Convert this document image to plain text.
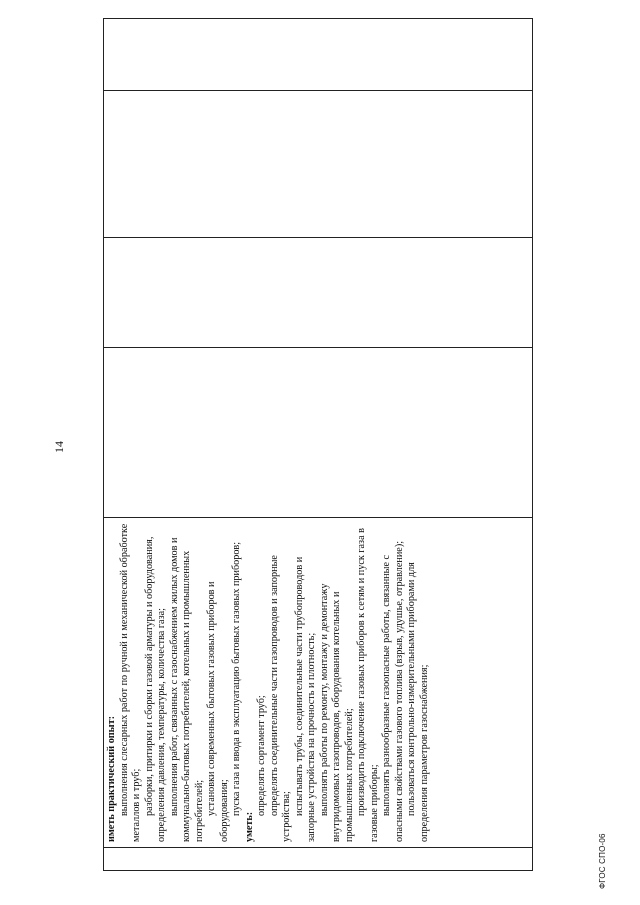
14

иметь практический опыт: выполнения слесарных работ по ручной и механической обработке металлов и труб; разборки, притирки и сборки газовой арматуры и оборудования, определения давления, температуры, количества газа; выполнения работ, связанных с газоснабжением жилых домов и коммунально-бытовых потребителей, котельных и промышленных потребителей; установки современных бытовых газовых приборов и оборудования; пуска газа и ввода в эксплуатацию бытовых газовых приборов;

уметь:

определять сортамент труб; определять соединительные части газопроводов и запорные устройства;

испытывать трубы, соединительные части трубопроводов и запорные устройства на прочность и плотность; выполнять работы по ремонту, монтажу и демонтажу внутридомовых газопроводов, оборудования котельных и промышленных потребителей; производить подключение газовых приборов к сетям и пуск газа в газовые приборы; выполнять разнообразные газоопасные работы, связанные с опасными свойствами газового топлива (взрыв, удушье, отравление); пользоваться контрольно-измерительными приборами для определения параметров газоснабжения;

ФГОС СПО-06
